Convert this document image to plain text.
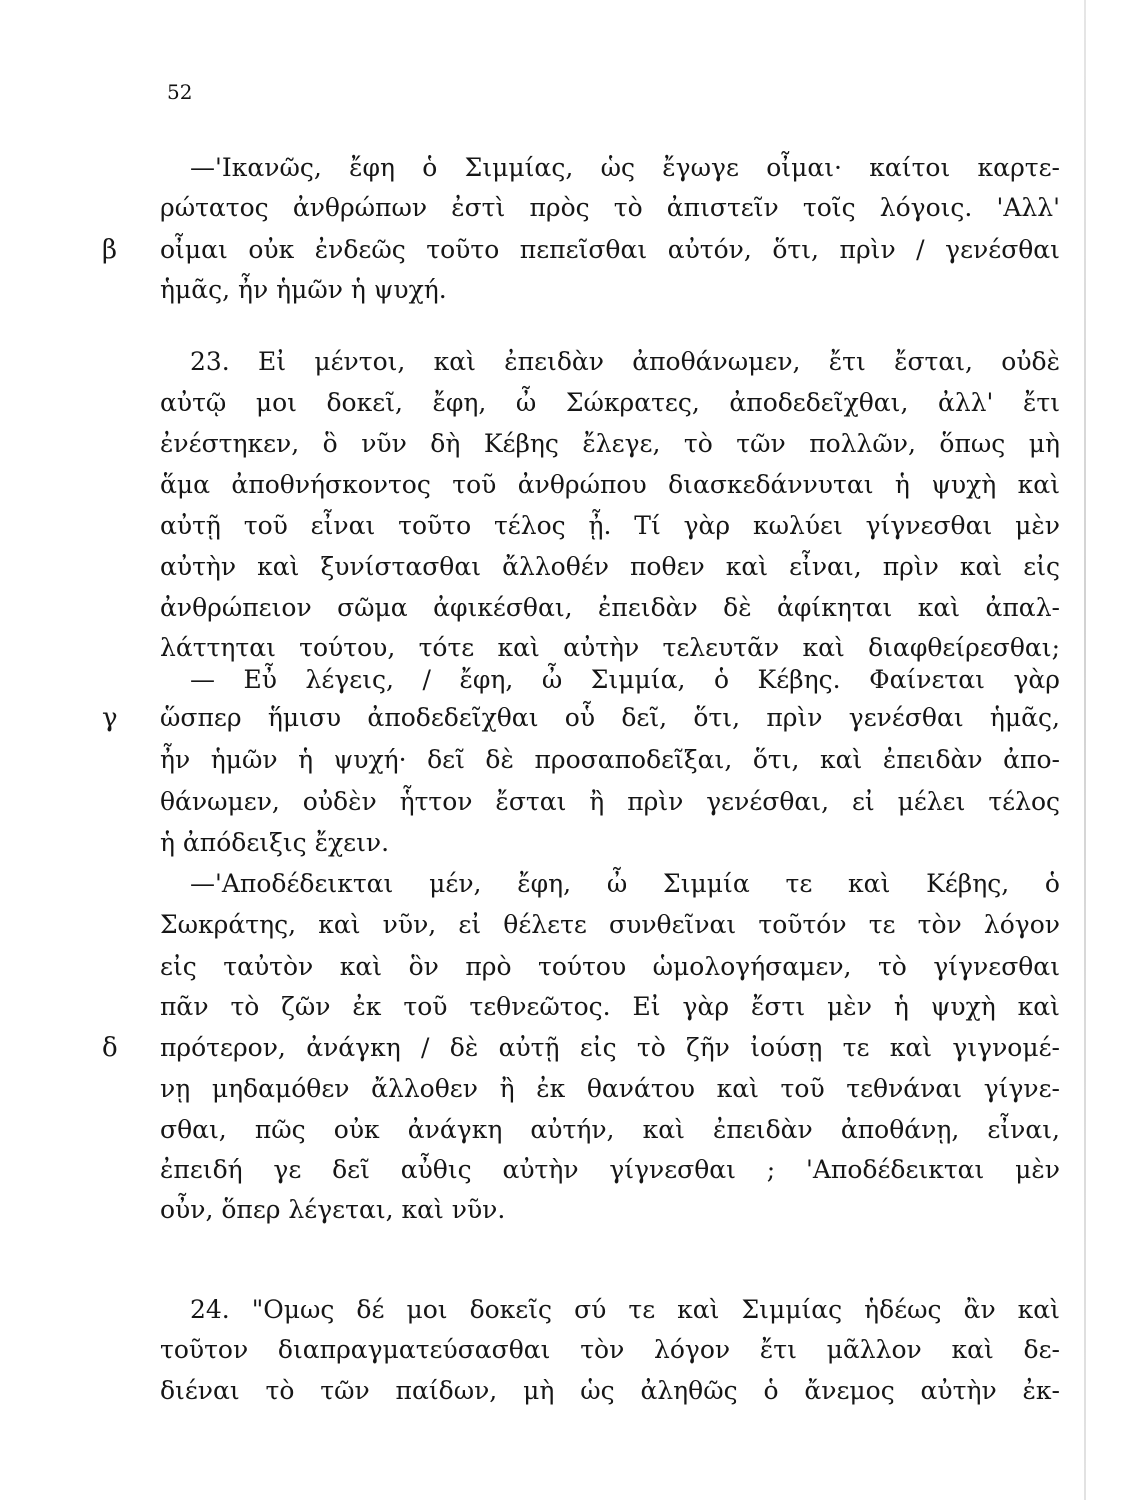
52
β
γ
δ
—'Ικανῶς, ἔφη ὁ Σιμμίας, ὡς ἔγωγε οἶμαι· καίτοι καρτε-
ρώτατος ἀνθρώπων ἐστὶ πρὸς τὸ ἀπιστεῖν τοῖς λόγοις. 'Αλλ'
οἶμαι οὐκ ἐνδεῶς τοῦτο πεπεῖσθαι αὐτόν, ὅτι, πρὶν / γενέσθαι
ἡμᾶς, ἦν ἡμῶν ἡ ψυχή.
23. Εἰ μέντοι, καὶ ἐπειδὰν ἀποθάνωμεν, ἔτι ἔσται, οὐδὲ
αὐτῷ μοι δοκεῖ, ἔφη, ὦ Σώκρατες, ἀποδεδεῖχθαι, ἀλλ' ἔτι
ἐνέστηκεν, ὃ νῦν δὴ Κέβης ἔλεγε, τὸ τῶν πολλῶν, ὅπως μὴ
ἅμα ἀποθνήσκοντος τοῦ ἀνθρώπου διασκεδάννυται ἡ ψυχὴ καὶ
αὐτῇ τοῦ εἶναι τοῦτο τέλος ᾖ. Τί γὰρ κωλύει γίγνεσθαι μὲν
αὐτὴν καὶ ξυνίστασθαι ἄλλοθέν ποθεν καὶ εἶναι, πρὶν καὶ εἰς
ἀνθρώπειον σῶμα ἀφικέσθαι, ἐπειδὰν δὲ ἀφίκηται καὶ ἀπαλ-
λάττηται τούτου, τότε καὶ αὐτὴν τελευτᾶν καὶ διαφθείρεσθαι;
— Εὖ λέγεις, / ἔφη, ὦ Σιμμία, ὁ Κέβης. Φαίνεται γὰρ
ὥσπερ ἥμισυ ἀποδεδεῖχθαι οὗ δεῖ, ὅτι, πρὶν γενέσθαι ἡμᾶς,
ἦν ἡμῶν ἡ ψυχή· δεῖ δὲ προσαποδεῖξαι, ὅτι, καὶ ἐπειδὰν ἀπο-
θάνωμεν, οὐδὲν ἧττον ἔσται ἢ πρὶν γενέσθαι, εἰ μέλει τέλος
ἡ ἀπόδειξις ἔχειν.
—'Αποδέδεικται μέν, ἔφη, ὦ Σιμμία τε καὶ Κέβης, ὁ
Σωκράτης, καὶ νῦν, εἰ θέλετε συνθεῖναι τοῦτόν τε τὸν λόγον
εἰς ταὐτὸν καὶ ὃν πρὸ τούτου ὡμολογήσαμεν, τὸ γίγνεσθαι
πᾶν τὸ ζῶν ἐκ τοῦ τεθνεῶτος. Εἰ γὰρ ἔστι μὲν ἡ ψυχὴ καὶ
πρότερον, ἀνάγκη / δὲ αὐτῇ εἰς τὸ ζῆν ἰούσῃ τε καὶ γιγνομέ-
νῃ μηδαμόθεν ἄλλοθεν ἢ ἐκ θανάτου καὶ τοῦ τεθνάναι γίγνε-
σθαι, πῶς οὐκ ἀνάγκη αὐτήν, καὶ ἐπειδὰν ἀποθάνῃ, εἶναι,
ἐπειδή γε δεῖ αὖθις αὐτὴν γίγνεσθαι ; 'Αποδέδεικται μὲν
οὖν, ὅπερ λέγεται, καὶ νῦν.
24. "Ομως δέ μοι δοκεῖς σύ τε καὶ Σιμμίας ἡδέως ἂν καὶ
τοῦτον διαπραγματεύσασθαι τὸν λόγον ἔτι μᾶλλον καὶ δε-
διέναι τὸ τῶν παίδων, μὴ ὡς ἀληθῶς ὁ ἄνεμος αὐτὴν ἐκ-
